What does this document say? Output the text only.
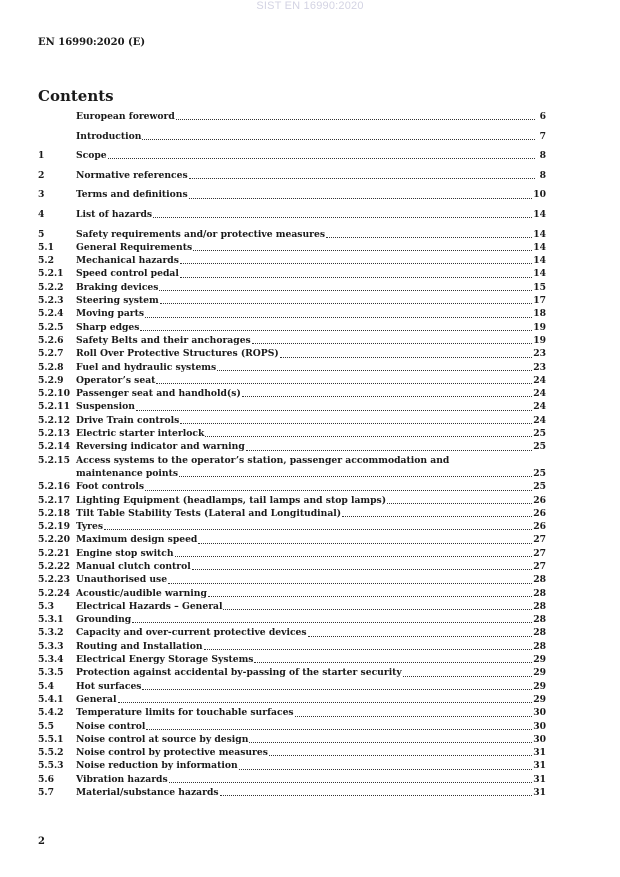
SIST EN 16990:2020
EN 16990:2020 (E)
Contents
European foreword	6
Introduction	7
1	Scope	8
2	Normative references	8
3	Terms and definitions	10
4	List of hazards	14
5	Safety requirements and/or protective measures	14
5.1	General Requirements	14
5.2	Mechanical hazards	14
5.2.1	Speed control pedal	14
5.2.2	Braking devices	15
5.2.3	Steering system	17
5.2.4	Moving parts	18
5.2.5	Sharp edges	19
5.2.6	Safety Belts and their anchorages	19
5.2.7	Roll Over Protective Structures (ROPS)	23
5.2.8	Fuel and hydraulic systems	23
5.2.9	Operator’s seat	24
5.2.10 Passenger seat and handhold(s)	24
5.2.11 Suspension	24
5.2.12 Drive Train controls	24
5.2.13 Electric starter interlock	25
5.2.14 Reversing indicator and warning	25
5.2.15 Access systems to the operator’s station, passenger accommodation and
maintenance points	25
5.2.16 Foot controls	25
5.2.17 Lighting Equipment (headlamps, tail lamps and stop lamps)	26
5.2.18 Tilt Table Stability Tests (Lateral and Longitudinal)	26
5.2.19 Tyres	26
5.2.20 Maximum design speed	27
5.2.21 Engine stop switch	27
5.2.22 Manual clutch control	27
5.2.23 Unauthorised use	28
5.2.24 Acoustic/audible warning	28
5.3	Electrical Hazards – General	28
5.3.1	Grounding	28
5.3.2	Capacity and over-current protective devices	28
5.3.3	Routing and Installation	28
5.3.4	Electrical Energy Storage Systems	29
5.3.5	Protection against accidental by-passing of the starter security	29
5.4	Hot surfaces	29
5.4.1	General	29
5.4.2	Temperature limits for touchable surfaces	30
5.5	Noise control	30
5.5.1	Noise control at source by design	30
5.5.2	Noise control by protective measures	31
5.5.3	Noise reduction by information	31
5.6	Vibration hazards	31
5.7	Material/substance hazards	31
2
